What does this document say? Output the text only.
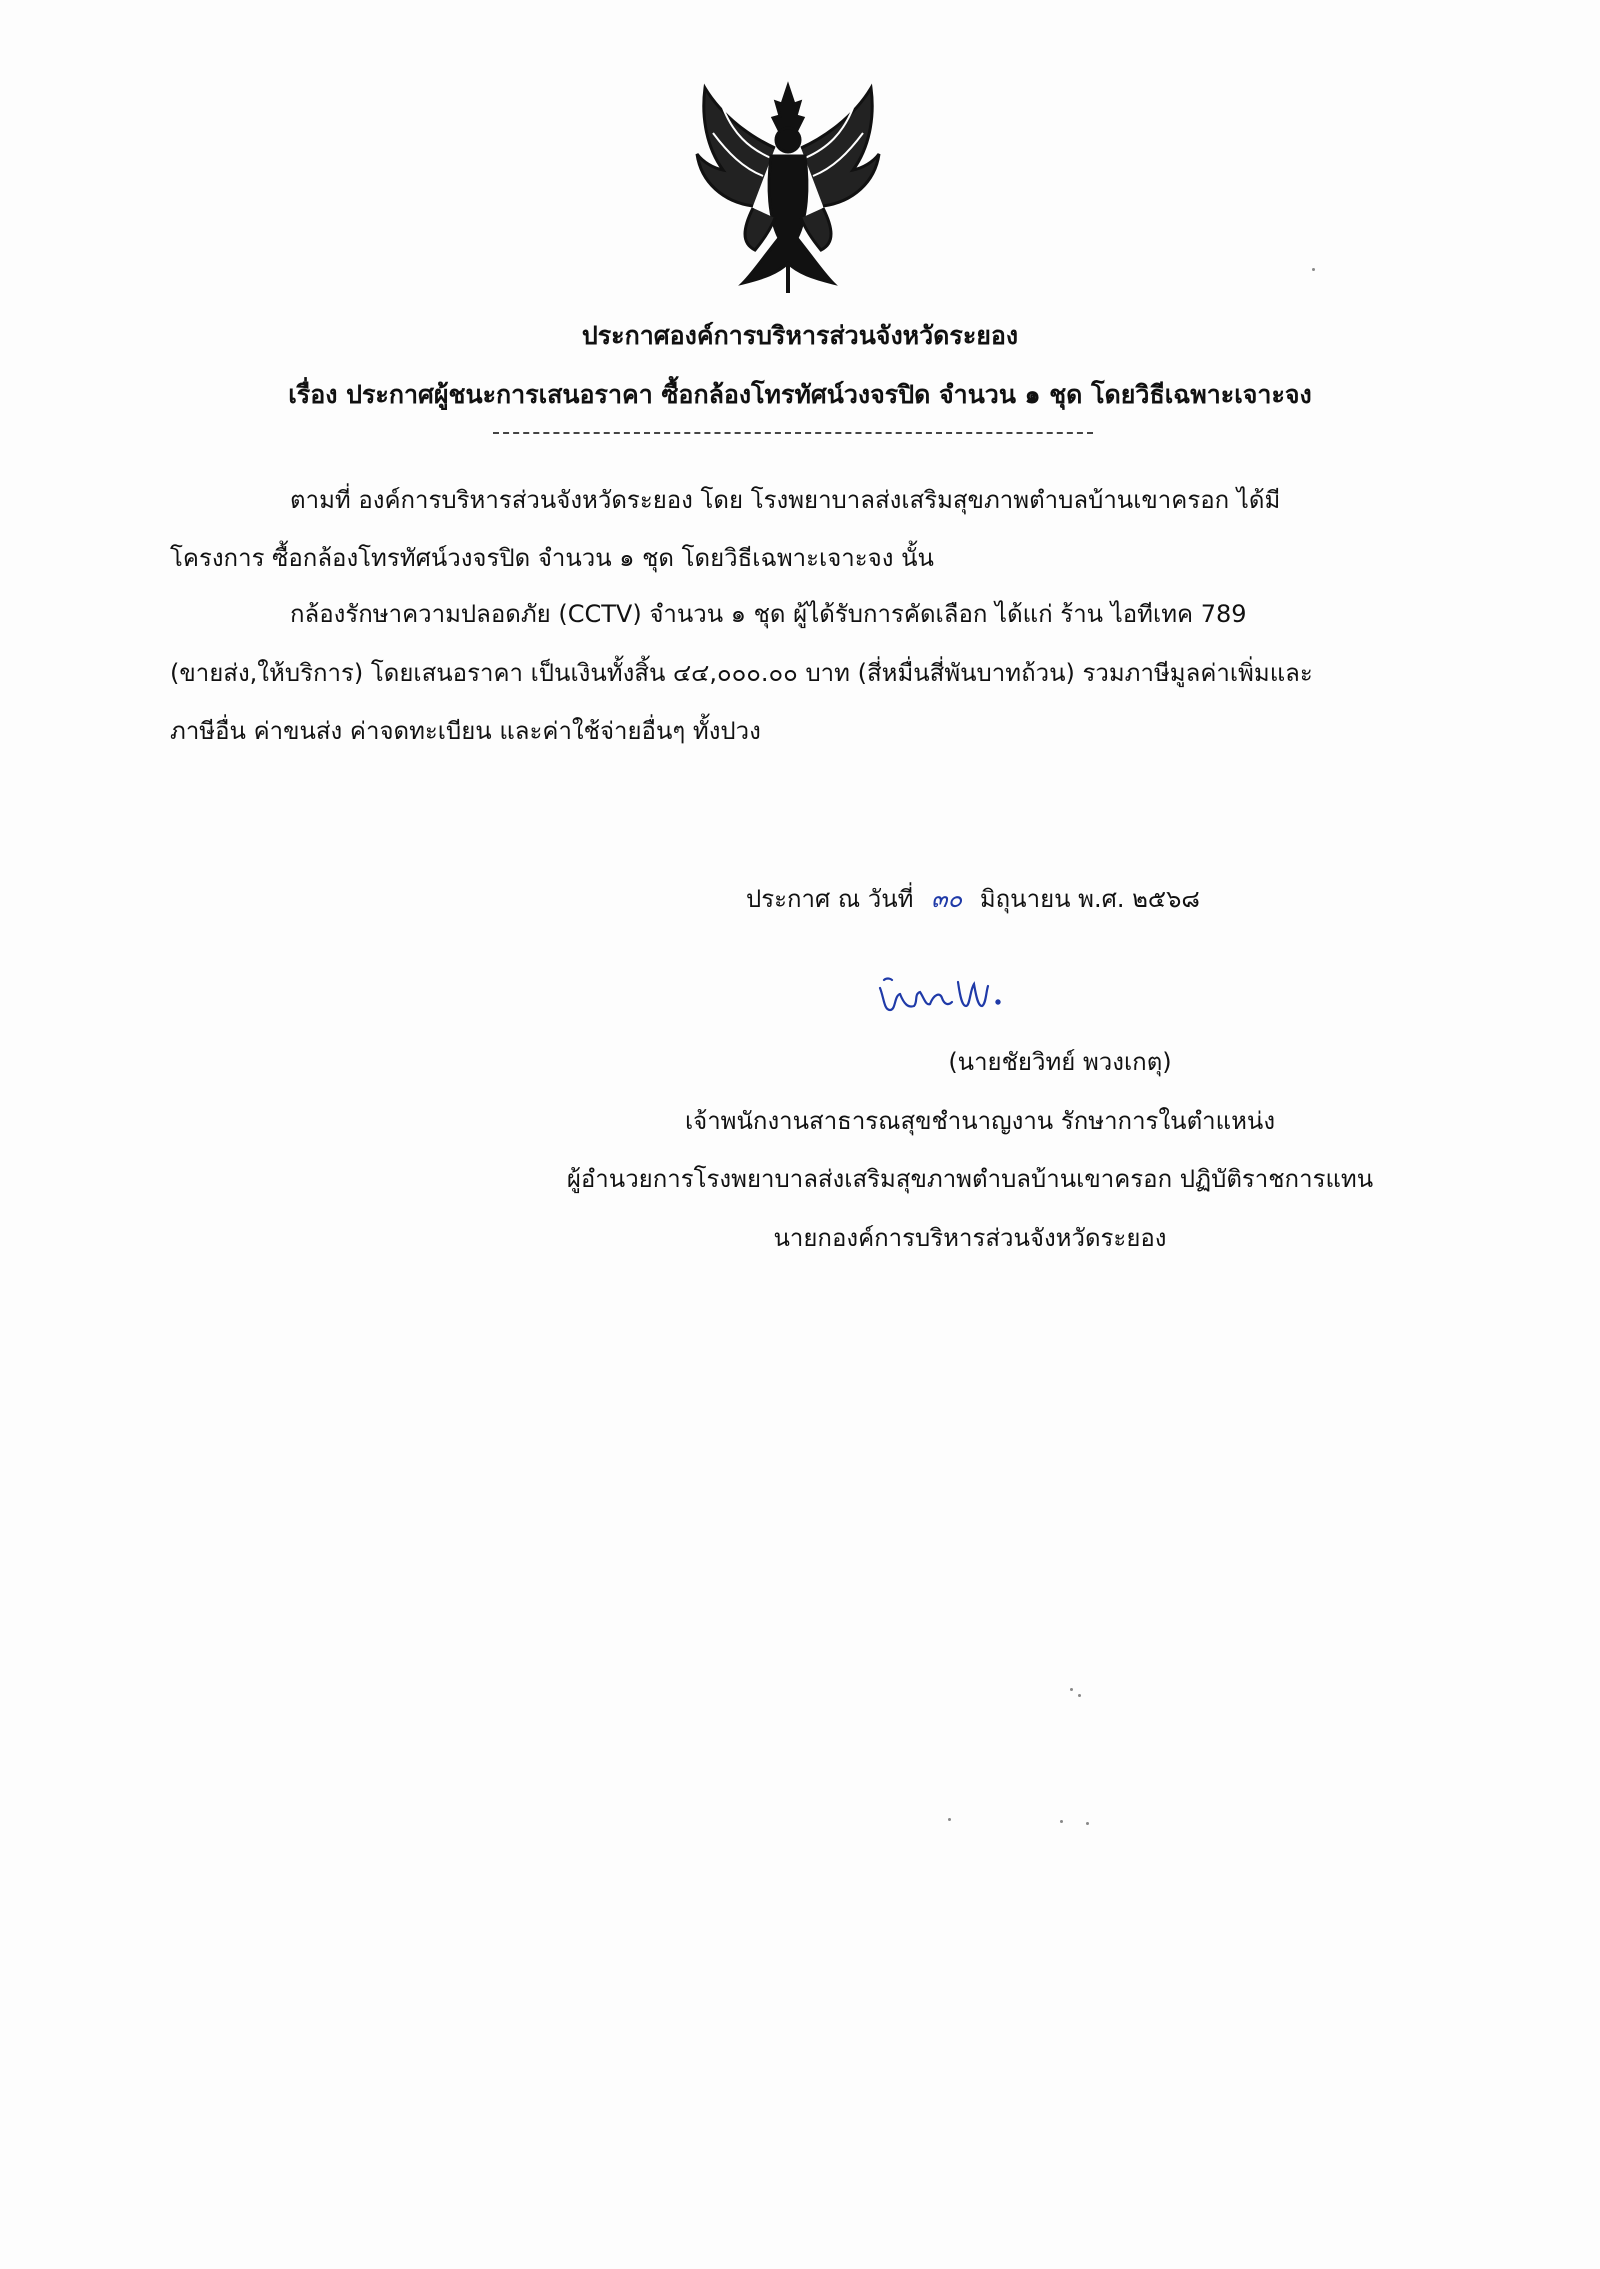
ประกาศองค์การบริหารส่วนจังหวัดระยอง
เรื่อง ประกาศผู้ชนะการเสนอราคา ซื้อกล้องโทรทัศน์วงจรปิด จำนวน ๑ ชุด โดยวิธีเฉพาะเจาะจง
ตามที่ องค์การบริหารส่วนจังหวัดระยอง โดย โรงพยาบาลส่งเสริมสุขภาพตำบลบ้านเขาครอก ได้มี
โครงการ ซื้อกล้องโทรทัศน์วงจรปิด จำนวน ๑ ชุด โดยวิธีเฉพาะเจาะจง นั้น
กล้องรักษาความปลอดภัย (CCTV) จำนวน ๑ ชุด ผู้ได้รับการคัดเลือก ได้แก่ ร้าน ไอทีเทค 789
(ขายส่ง,ให้บริการ) โดยเสนอราคา เป็นเงินทั้งสิ้น ๔๔,๐๐๐.๐๐ บาท (สี่หมื่นสี่พันบาทถ้วน) รวมภาษีมูลค่าเพิ่มและ
ภาษีอื่น ค่าขนส่ง ค่าจดทะเบียน และค่าใช้จ่ายอื่นๆ ทั้งปวง
ประกาศ ณ วันที่ ๓๐ มิถุนายน พ.ศ. ๒๕๖๘
(นายชัยวิทย์ พวงเกตุ)
เจ้าพนักงานสาธารณสุขชำนาญงาน รักษาการในตำแหน่ง
ผู้อำนวยการโรงพยาบาลส่งเสริมสุขภาพตำบลบ้านเขาครอก ปฏิบัติราชการแทน
นายกองค์การบริหารส่วนจังหวัดระยอง
